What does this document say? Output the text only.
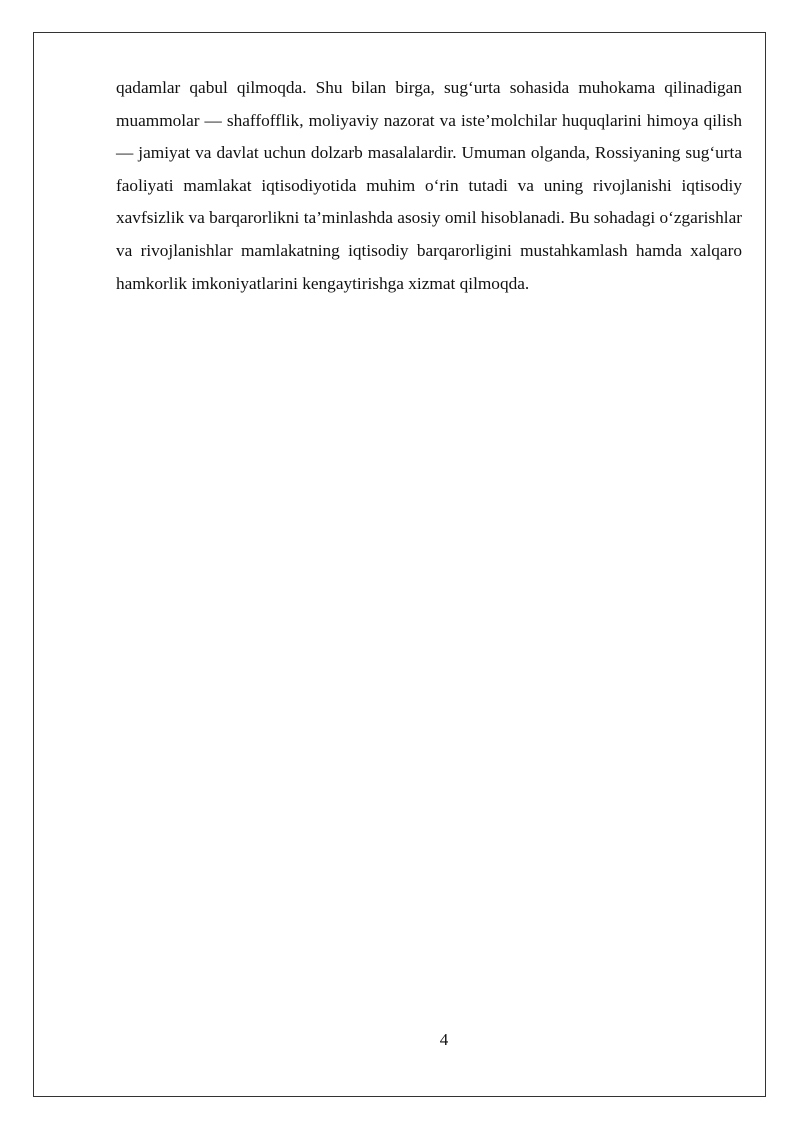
qadamlar qabul qilmoqda. Shu bilan birga, sug‘urta sohasida muhokama qilinadigan muammolar — shaffofflik, moliyaviy nazorat va iste’molchilar huquqlarini himoya qilish — jamiyat va davlat uchun dolzarb masalalardir. Umuman olganda, Rossiyaning sug‘urta faoliyati mamlakat iqtisodiyotida muhim o‘rin tutadi va uning rivojlanishi iqtisodiy xavfsizlik va barqarorlikni ta’minlashda asosiy omil hisoblanadi. Bu sohadagi o‘zgarishlar va rivojlanishlar mamlakatning iqtisodiy barqarorligini mustahkamlash hamda xalqaro hamkorlik imkoniyatlarini kengaytirishga xizmat qilmoqda.

4
